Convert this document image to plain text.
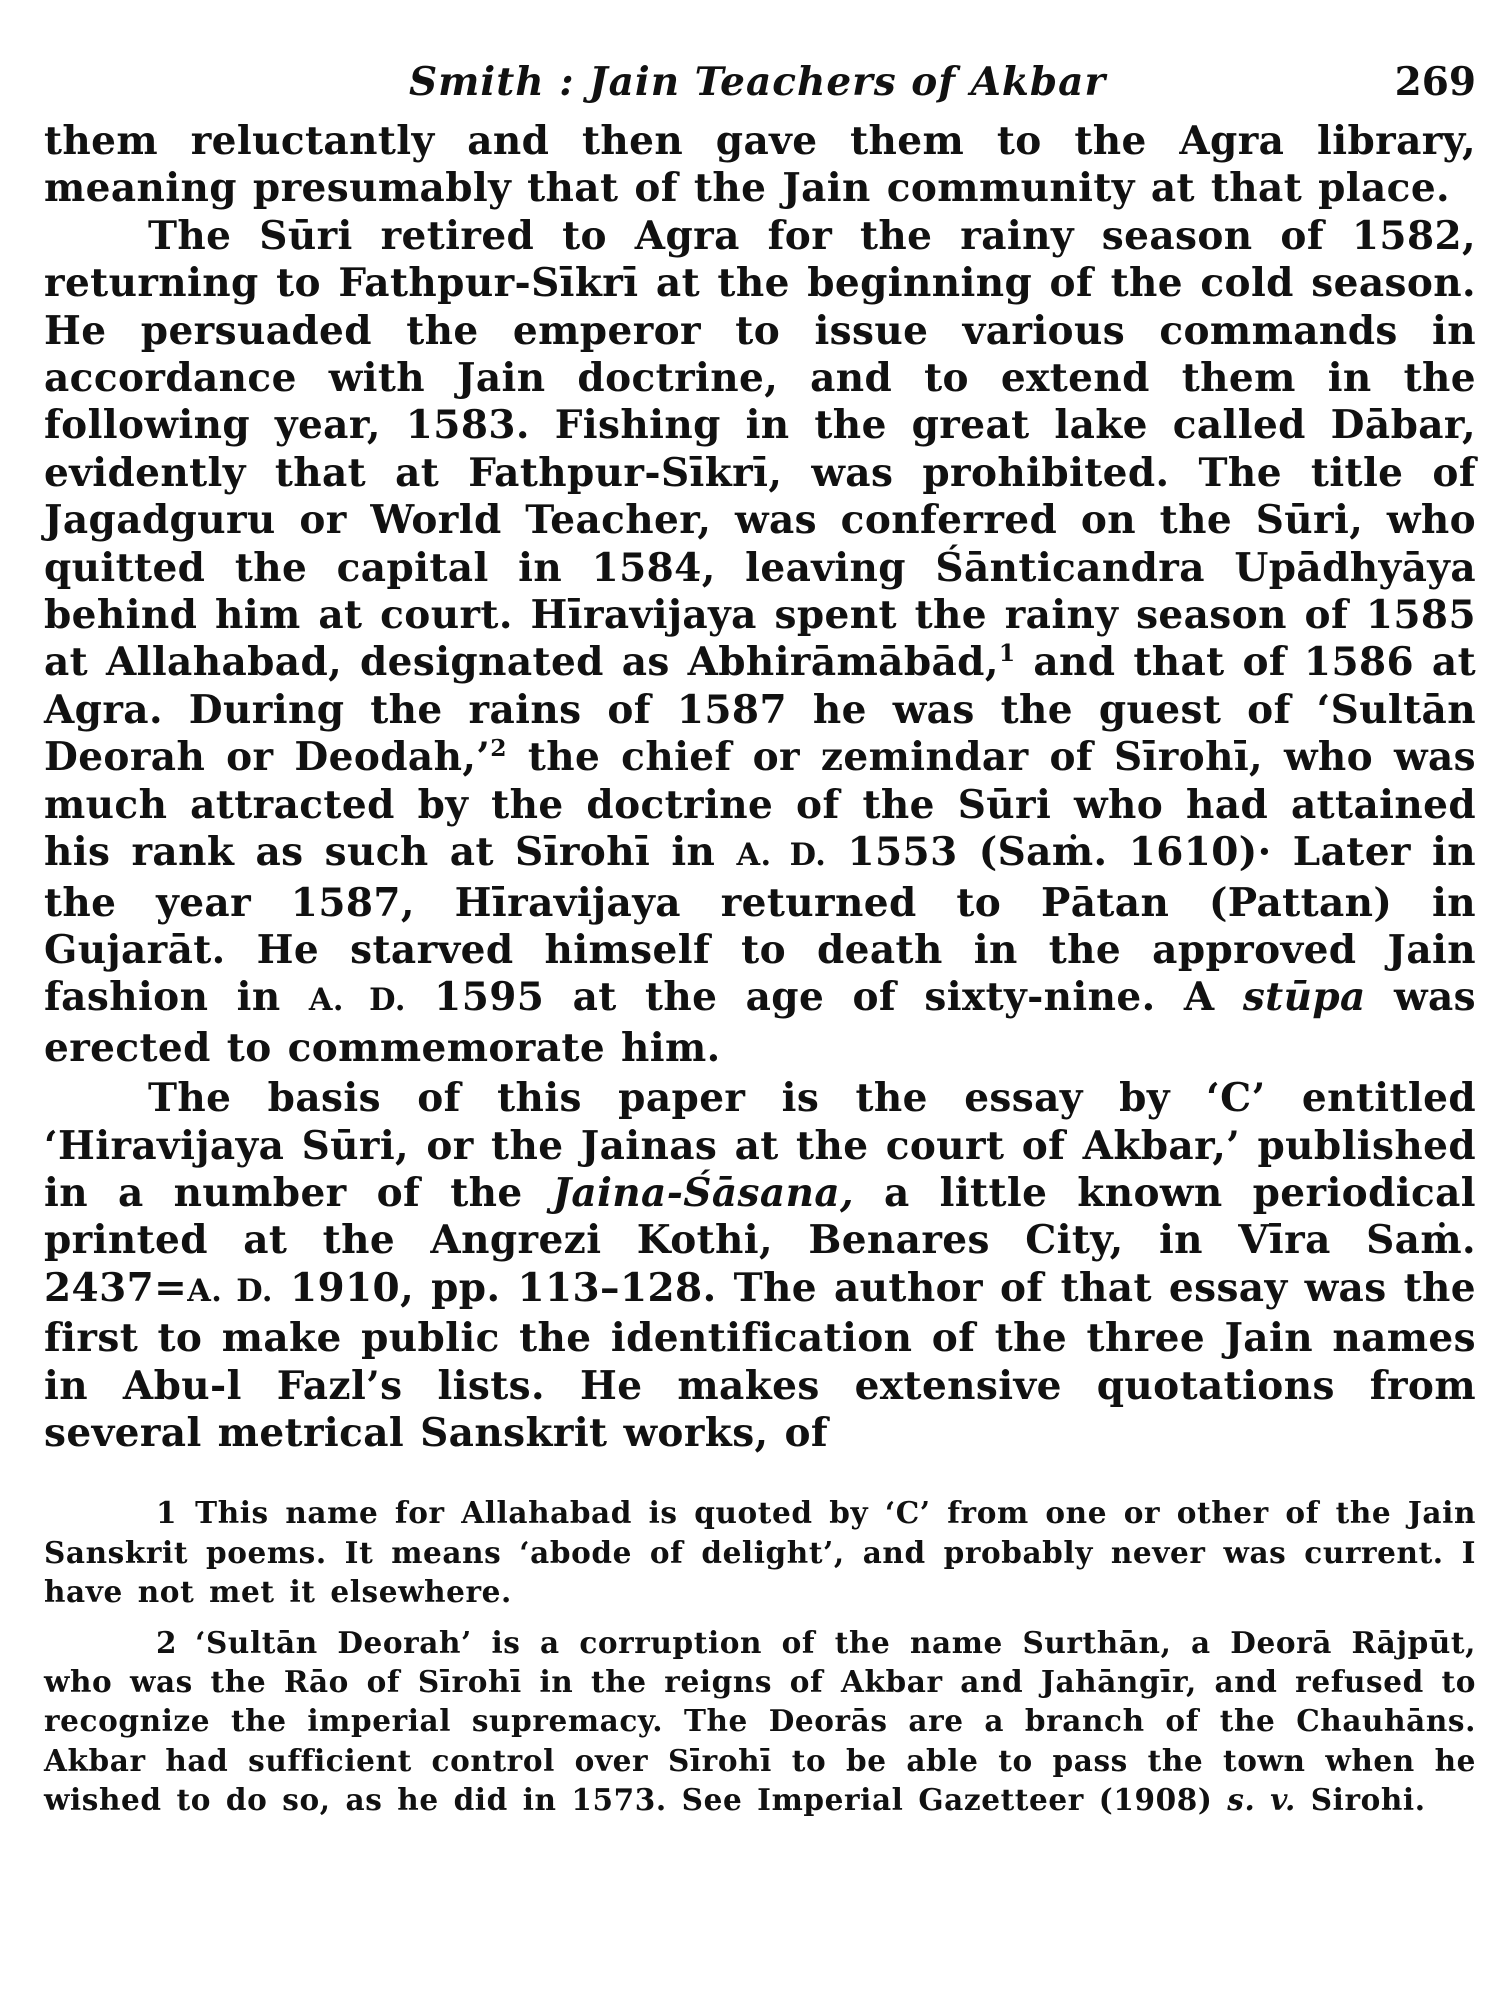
Smith : Jain Teachers of Akbar	269

them reluctantly and then gave them to the Agra library, meaning presumably that of the Jain community at that place.

The Sūri retired to Agra for the rainy season of 1582, returning to Fathpur-Sīkrī at the beginning of the cold season. He persuaded the emperor to issue various commands in accordance with Jain doctrine, and to extend them in the following year, 1583. Fishing in the great lake called Dābar, evidently that at Fathpur-Sīkrī, was prohibited. The title of Jagadguru or World Teacher, was conferred on the Sūri, who quitted the capital in 1584, leaving Śānticandra Upādhyāya behind him at court. Hīravijaya spent the rainy season of 1585 at Allahabad, designated as Abhirāmābād,$^1$ and that of 1586 at Agra. During the rains of 1587 he was the guest of ‘Sultān Deorah or Deodah,’$^2$ the chief or zemindar of Sīrohī, who was much attracted by the doctrine of the Sūri who had attained his rank as such at Sīrohī in A. D. 1553 (Saṁ. 1610)· Later in the year 1587, Hīravijaya returned to Pātan (Pattan) in Gujarāt. He starved himself to death in the approved Jain fashion in A. D. 1595 at the age of sixty-nine. A stūpa was erected to commemorate him.

The basis of this paper is the essay by ‘C’ entitled ‘Hiravijaya Sūri, or the Jainas at the court of Akbar,’ published in a number of the Jaina-Śāsana, a little known periodical printed at the Angrezi Kothi, Benares City, in Vīra Saṁ. 2437=A. D. 1910, pp. 113–128. The author of that essay was the first to make public the identification of the three Jain names in Abu-l Fazl’s lists. He makes extensive quotations from several metrical Sanskrit works, of

1 This name for Allahabad is quoted by ‘C’ from one or other of the Jain Sanskrit poems. It means ‘abode of delight’, and probably never was current. I have not met it elsewhere.

2 ‘Sultān Deorah’ is a corruption of the name Surthān, a Deorā Rājpūt, who was the Rāo of Sīrohī in the reigns of Akbar and Jahāngīr, and refused to recognize the imperial supremacy. The Deorās are a branch of the Chauhāns. Akbar had sufficient control over Sīrohī to be able to pass the town when he wished to do so, as he did in 1573. See Imperial Gazetteer (1908) s. v. Sirohi.
